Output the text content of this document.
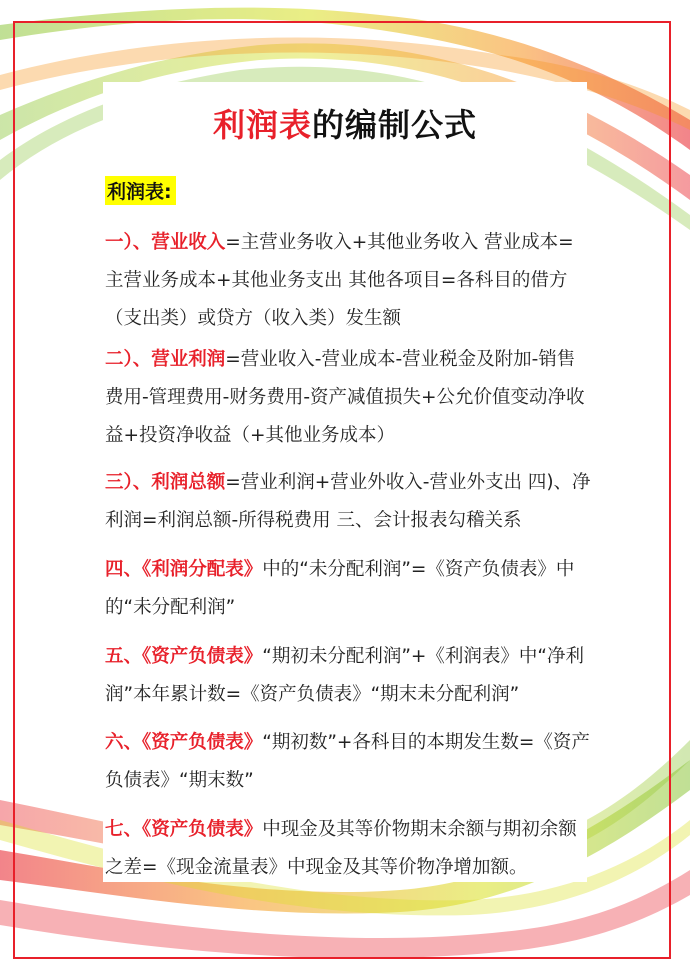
利润表的编制公式
利润表:
一）、营业收入=主营业务收入+其他业务收入 营业成本=主营业务成本+其他业务支出 其他各项目=各科目的借方（支出类）或贷方（收入类）发生额
二）、营业利润=营业收入-营业成本-营业税金及附加-销售费用-管理费用-财务费用-资产减值损失+公允价值变动净收益+投资净收益（+其他业务成本）
三）、利润总额=营业利润+营业外收入-营业外支出 四)、净利润=利润总额-所得税费用 三、会计报表勾稽关系
四、《利润分配表》中的“未分配利润”=《资产负债表》中的“未分配利润”
五、《资产负债表》“期初未分配利润”+《利润表》中“净利润”本年累计数=《资产负债表》“期末未分配利润”
六、《资产负债表》“期初数”+各科目的本期发生数=《资产负债表》“期末数”
七、《资产负债表》中现金及其等价物期末余额与期初余额之差=《现金流量表》中现金及其等价物净增加额。
